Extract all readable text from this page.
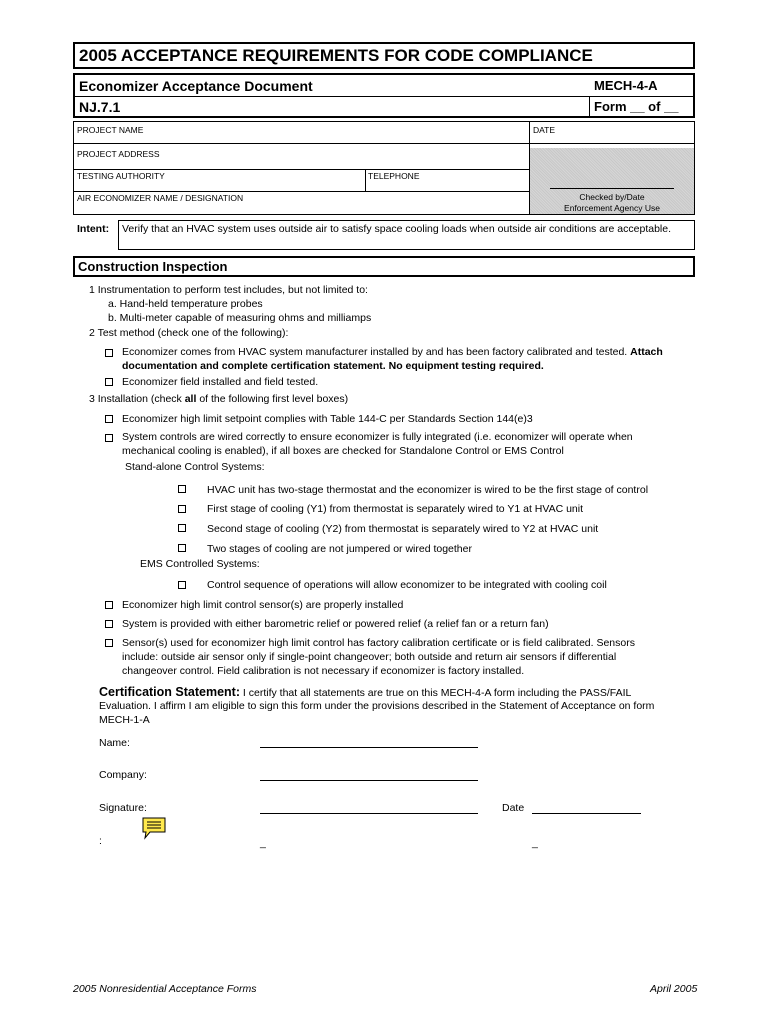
2005 ACCEPTANCE REQUIREMENTS FOR CODE COMPLIANCE
Economizer Acceptance Document	MECH-4-A
NJ.7.1	Form __ of __
PROJECT NAME	DATE
PROJECT ADDRESS
TESTING AUTHORITY	TELEPHONE
AIR ECONOMIZER NAME / DESIGNATION	Checked by/Date
Enforcement Agency Use
Intent: Verify that an HVAC system uses outside air to satisfy space cooling loads when outside air conditions are acceptable.
Construction Inspection
1 Instrumentation to perform test includes, but not limited to:
a. Hand-held temperature probes
b. Multi-meter capable of measuring ohms and milliamps
2 Test method (check one of the following):
Economizer comes from HVAC system manufacturer installed by and has been factory calibrated and tested. Attach
documentation and complete certification statement. No equipment testing required.
Economizer field installed and field tested.
3 Installation (check all of the following first level boxes)
Economizer high limit setpoint complies with Table 144-C per Standards Section 144(e)3
System controls are wired correctly to ensure economizer is fully integrated (i.e. economizer will operate when
mechanical cooling is enabled), if all boxes are checked for Standalone Control or EMS Control
Stand-alone Control Systems:
HVAC unit has two-stage thermostat and the economizer is wired to be the first stage of control
First stage of cooling (Y1) from thermostat is separately wired to Y1 at HVAC unit
Second stage of cooling (Y2) from thermostat is separately wired to Y2 at HVAC unit
Two stages of cooling are not jumpered or wired together
EMS Controlled Systems:
Control sequence of operations will allow economizer to be integrated with cooling coil
Economizer high limit control sensor(s) are properly installed
System is provided with either barometric relief or powered relief (a relief fan or a return fan)
Sensor(s) used for economizer high limit control has factory calibration certificate or is field calibrated. Sensors
include: outside air sensor only if single-point changeover; both outside and return air sensors if differential
changeover control. Field calibration is not necessary if economizer is factory installed.
Certification Statement: I certify that all statements are true on this MECH-4-A form including the PASS/FAIL
Evaluation. I affirm I am eligible to sign this form under the provisions described in the Statement of Acceptance on form
MECH-1-A
Name:
Company:
Signature:	Date
:	_	_
2005 Nonresidential Acceptance Forms	April 2005
